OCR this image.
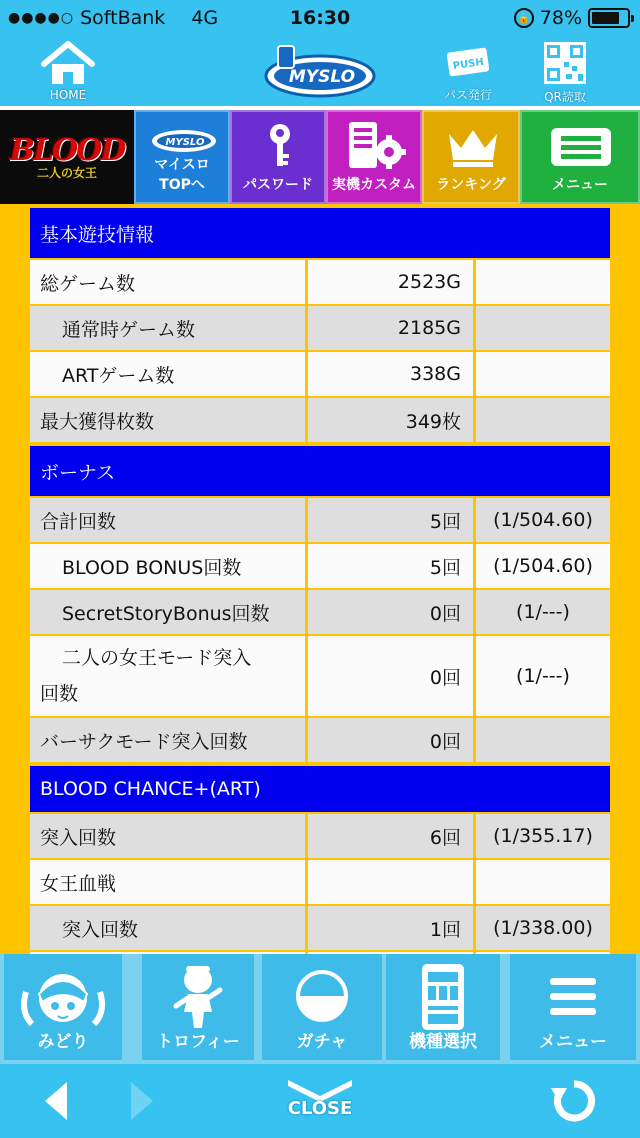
●●●●○ SoftBank 4G	16:30	🔒 78%
HOME
MYSLO
PUSH
パス発行	QR読取
BLOOD
二人の女王
MYSLO
マイスロ
TOPへ	パスワード 実機カスタム ランキング	メニュー
基本遊技情報
総ゲーム数	2523G
通常時ゲーム数	2185G
ARTゲーム数	338G
最大獲得枚数	349枚
ボーナス
合計回数	5回	(1/504.60)
BLOOD BONUS回数	5回	(1/504.60)
SecretStoryBonus回数	0回	(1/---)
二人の女王モード突入
回数
0回	(1/---)
バーサクモード突入回数	0回
BLOOD CHANCE+(ART)
突入回数	6回	(1/355.17)
女王血戦
突入回数	1回	(1/338.00)
みどり	トロフィー	ガチャ	機種選択	メニュー
CLOSE
